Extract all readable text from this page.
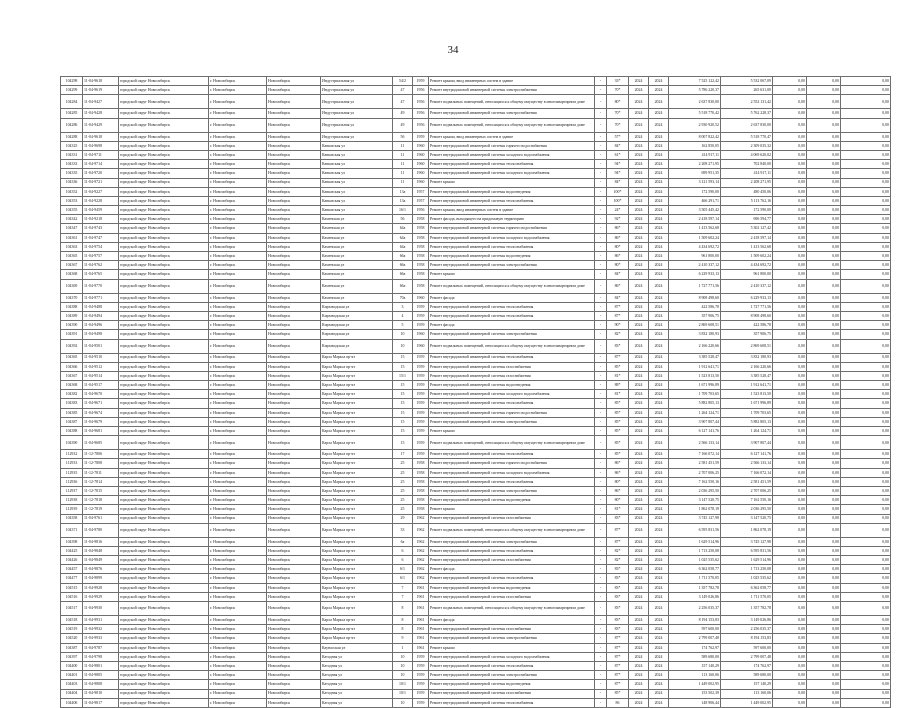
34
104298	11-04-9618	городской округ Новосибирск	г. Новосибирск	Новосибирск	Индустриальная ул	54/2	1959	Ремонт крыши, ввод инженерных систем в здание	-	33*	2024	2024	7 525 122,42	5 532 067,09	0,00	0,00	0,00
104299	11-04-9619	городской округ Новосибирск	г. Новосибирск	Новосибирск	Индустриальная ул	47	1956	Ремонт внутридомовой инженерной системы электроснабжения	-	70*	2024	2024	5 786 220,37	265 631,00	0,00	0,00	0,00
104284	11-04-9427	городской округ Новосибирск	г. Новосибирск	Новосибирск	Индустриальная ул	47	1956	Ремонт подвальных помещений, относящихся к общему имуществу в многоквартирном доме	-	80*	2024	2024	2 637 830,00	2 552 131,42	0,00	0,00	0,00
104285	11-04-9428	городской округ Новосибирск	г. Новосибирск	Новосибирск	Индустриальная ул	49	1956	Ремонт внутридомовой инженерной системы электроснабжения	-	70*	2024	2024	5 518 770,42	5 762 228,37	0,00	0,00	0,00
104286	11-04-9429	городской округ Новосибирск	г. Новосибирск	Новосибирск	Индустриальная ул	49	1956	Ремонт подвальных помещений, относящихся к общему имуществу в многоквартирном доме	-	70*	2024	2024	2 930 920,52	2 637 830,00	0,00	0,00	0,00
104288	11-04-9618	городской округ Новосибирск	г. Новосибирск	Новосибирск	Индустриальная ул	56	1959	Ремонт крыши, ввод инженерных систем в здание	-	57*	2024	2024	8 007 822,42	5 518 770,47	0,00	0,00	0,00
104325	11-04-9698	городской округ Новосибирск	г. Новосибирск	Новосибирск	Кавказская ул	11	1960	Ремонт внутридомовой инженерной системы горячего водоснабжения	-	84*	2024	2024	162 850,05	2 309 035,32	0,00	0,00	0,00
104331	11-04-9711	городской округ Новосибирск	г. Новосибирск	Новосибирск	Кавказская ул	11	1960	Ремонт внутридомовой инженерной системы холодного водоснабжения	-	61*	2024	2024	414 917,11	4 069 620,02	0,00	0,00	0,00
104333	11-04-9714	городской округ Новосибирск	г. Новосибирск	Новосибирск	Кавказская ул	11	1960	Ремонт внутридомовой инженерной системы теплоснабжения	-	94*	2024	2024	2 208 271,95	702 840,00	0,00	0,00	0,00
104335	11-04-9720	городской округ Новосибирск	г. Новосибирск	Новосибирск	Кавказская ул	11	1960	Ремонт внутридомовой инженерной системы холодного водоснабжения	-	94*	2024	2024	699 951,35	414 917,11	0,00	0,00	0,00
104336	11-04-9721	городской округ Новосибирск	г. Новосибирск	Новосибирск	Кавказская ул	11	1960	Ремонт крыши	-	84*	2024	2024	3 121 593,14	2 208 271,95	0,00	0,00	0,00
104352	11-04-9227	городской округ Новосибирск	г. Новосибирск	Новосибирск	Кавказская ул	13а	1957	Ремонт внутридомовой инженерной системы водоотведения	-	100*	2024	2024	172 590,00	480 450,06	0,00	0,00	0,00
104353	11-04-9228	городской округ Новосибирск	г. Новосибирск	Новосибирск	Кавказская ул	13а	1957	Ремонт внутридомовой инженерной системы теплоснабжения	-	100*	2024	2024	466 291,71	5 113 762,16	0,00	0,00	0,00
104355	11-04-9459	городской округ Новосибирск	г. Новосибирск	Новосибирск	Кавказская ул	16/1	1956	Ремонт крыши, ввод инженерных систем в здание	-	24*	2024	2024	3 505 445,42	172 590,00	0,00	0,00	0,00
104342	11-04-9218	городской округ Новосибирск	г. Новосибирск	Новосибирск	Каменская ул	56	1958	Ремонт фасада, выходящего на придомовую территорию	-	92*	2024	2024	2 418 597,14	696 594,77	0,00	0,00	0,00
104347	11-04-9743	городской округ Новосибирск	г. Новосибирск	Новосибирск	Каменская ул	64а	1958	Ремонт внутридомовой инженерной системы горячего водоснабжения	-	86*	2024	2024	1 413 562,68	5 302 127,42	0,00	0,00	0,00
104361	11-04-9747	городской округ Новосибирск	г. Новосибирск	Новосибирск	Каменская ул	64а	1958	Ремонт внутридомовой инженерной системы холодного водоснабжения	-	86*	2024	2024	1 509 602,24	2 418 597,14	0,00	0,00	0,00
104363	11-04-9754	городской округ Новосибирск	г. Новосибирск	Новосибирск	Каменская ул	64а	1958	Ремонт внутридомовой инженерной системы теплоснабжения	-	80*	2024	2024	4 434 692,72	1 413 562,68	0,00	0,00	0,00
104365	11-04-9757	городской округ Новосибирск	г. Новосибирск	Новосибирск	Каменская ул	66а	1958	Ремонт внутридомовой инженерной системы водоотведения	-	86*	2024	2024	961 800,00	1 509 602,24	0,00	0,00	0,00
104367	11-04-9762	городской округ Новосибирск	г. Новосибирск	Новосибирск	Каменская ул	66а	1958	Ремонт внутридомовой инженерной системы электроснабжения	-	80*	2024	2024	2 410 337,12	4 434 692,72	0,00	0,00	0,00
104368	11-04-9765	городской округ Новосибирск	г. Новосибирск	Новосибирск	Каменская ул	66а	1958	Ремонт крыши	-	84*	2024	2024	6 229 933,13	961 800,00	0,00	0,00	0,00
104369	11-04-9770	городской округ Новосибирск	г. Новосибирск	Новосибирск	Каменская ул	66а	1958	Ремонт подвальных помещений, относящихся к общему имуществу в многоквартирном доме	-	86*	2024	2024	1 727 771,56	2 410 337,12	0,00	0,00	0,00
104370	11-04-9771	городской округ Новосибирск	г. Новосибирск	Новосибирск	Каменская ул	70а	1960	Ремонт фасада	-	84*	2024	2024	8 908 498,60	6 229 933,13	0,00	0,00	0,00
104388	11-04-9488	городской округ Новосибирск	г. Новосибирск	Новосибирск	Кирзаводская ул	3	1959	Ремонт внутридомовой инженерной системы теплоснабжения	-	87*	2024	2024	422 586,78	1 727 771,56	0,00	0,00	0,00
104389	11-04-9494	городской округ Новосибирск	г. Новосибирск	Новосибирск	Кирзаводская ул	4	1959	Ремонт внутридомовой инженерной системы теплоснабжения	-	87*	2024	2024	357 906,75	8 908 498,60	0,00	0,00	0,00
104390	11-04-9496	городской округ Новосибирск	г. Новосибирск	Новосибирск	Кирзаводская ул	5	1959	Ремонт фасада	-	90*	2024	2024	2 869 608,51	422 586,78	0,00	0,00	0,00
104391	11-04-9498	городской округ Новосибирск	г. Новосибирск	Новосибирск	Кирзаводская ул	10	1960	Ремонт внутридомовой инженерной системы электроснабжения	-	82*	2024	2024	3 832 180,93	357 906,75	0,00	0,00	0,00
104392	11-04-9501	городской округ Новосибирск	г. Новосибирск	Новосибирск	Кирзаводская ул	10	1960	Ремонт подвальных помещений, относящихся к общему имуществу в многоквартирном доме	-	83*	2024	2024	2 166 220,66	2 869 608,51	0,00	0,00	0,00
104365	11-04-9510	городской округ Новосибирск	г. Новосибирск	Новосибирск	Карла Маркса пр-кт	15	1959	Ремонт внутридомовой инженерной системы теплоснабжения	-	87*	2024	2024	3 385 528,47	3 832 180,93	0,00	0,00	0,00
104366	11-04-9512	городской округ Новосибирск	г. Новосибирск	Новосибирск	Карла Маркса пр-кт	15	1959	Ремонт внутридомовой инженерной системы газоснабжения	-	85*	2024	2024	1 912 641,71	2 166 220,66	0,00	0,00	0,00
104367	11-04-9514	городской округ Новосибирск	г. Новосибирск	Новосибирск	Карла Маркса пр-кт	15/1	1959	Ремонт внутридомовой инженерной системы газоснабжения	-	81*	2024	2024	1 523 813,50	3 385 528,47	0,00	0,00	0,00
104368	11-04-9517	городской округ Новосибирск	г. Новосибирск	Новосибирск	Карла Маркса пр-кт	15	1959	Ремонт внутридомовой инженерной системы водоотведения	-	88*	2024	2024	1 671 996,89	1 912 641,71	0,00	0,00	0,00
104382	11-04-9670	городской округ Новосибирск	г. Новосибирск	Новосибирск	Карла Маркса пр-кт	15	1959	Ремонт внутридомовой инженерной системы холодного водоснабжения	-	81*	2024	2024	1 709 703,65	1 523 813,50	0,00	0,00	0,00
104383	11-04-9671	городской округ Новосибирск	г. Новосибирск	Новосибирск	Карла Маркса пр-кт	15	1959	Ремонт внутридомовой инженерной системы теплоснабжения	-	85*	2024	2024	5 882 805,13	1 671 996,89	0,00	0,00	0,00
104385	11-04-9674	городской округ Новосибирск	г. Новосибирск	Новосибирск	Карла Маркса пр-кт	15	1959	Ремонт внутридомовой инженерной системы горячего водоснабжения	-	85*	2024	2024	1 264 124,71	1 709 703,65	0,00	0,00	0,00
104387	11-04-9679	городской округ Новосибирск	г. Новосибирск	Новосибирск	Карла Маркса пр-кт	15	1959	Ремонт внутридомовой инженерной системы электроснабжения	-	85*	2024	2024	3 907 807,44	5 882 805,13	0,00	0,00	0,00
104388	11-04-9681	городской округ Новосибирск	г. Новосибирск	Новосибирск	Карла Маркса пр-кт	15	1959	Ремонт крыши	-	85*	2024	2024	6 127 141,76	1 264 124,71	0,00	0,00	0,00
104390	11-04-9685	городской округ Новосибирск	г. Новосибирск	Новосибирск	Карла Маркса пр-кт	15	1959	Ремонт подвальных помещений, относящихся к общему имуществу в многоквартирном доме	-	85*	2024	2024	2 566 133,14	3 907 807,44	0,00	0,00	0,00
112932	11-12-7806	городской округ Новосибирск	г. Новосибирск	Новосибирск	Карла Маркса пр-кт	17	1959	Ремонт внутридомовой инженерной системы теплоснабжения	-	85*	2024	2024	7 166 072,14	6 127 141,76	0,00	0,00	0,00
112933	11-12-7808	городской округ Новосибирск	г. Новосибирск	Новосибирск	Карла Маркса пр-кт	25	1958	Ремонт внутридомовой инженерной системы горячего водоснабжения	-	86*	2024	2024	2 581 451,59	2 566 133,14	0,00	0,00	0,00
112935	11-12-7811	городской округ Новосибирск	г. Новосибирск	Новосибирск	Карла Маркса пр-кт	25	1958	Ремонт внутридомовой инженерной системы холодного водоснабжения	-	86*	2024	2024	2 707 006,25	7 166 072,14	0,00	0,00	0,00
112936	11-12-7814	городской округ Новосибирск	г. Новосибирск	Новосибирск	Карла Маркса пр-кт	25	1958	Ремонт внутридомовой инженерной системы теплоснабжения	-	80*	2024	2024	7 162 550,16	2 581 451,59	0,00	0,00	0,00
112937	11-12-7815	городской округ Новосибирск	г. Новосибирск	Новосибирск	Карла Маркса пр-кт	25	1958	Ремонт внутридомовой инженерной системы электроснабжения	-	86*	2024	2024	2 036 295,50	2 707 006,25	0,00	0,00	0,00
112938	11-12-7818	городской округ Новосибирск	г. Новосибирск	Новосибирск	Карла Маркса пр-кт	25	1958	Ремонт внутридомовой инженерной системы водоотведения	-	80*	2024	2024	3 147 520,75	7 162 550,16	0,00	0,00	0,00
112939	11-12-7819	городской округ Новосибирск	г. Новосибирск	Новосибирск	Карла Маркса пр-кт	25	1958	Ремонт крыши	-	81*	2024	2024	1 862 078,19	2 036 295,50	0,00	0,00	0,00
104358	11-04-9761	городской округ Новосибирск	г. Новосибирск	Новосибирск	Карла Маркса пр-кт	29	1962	Ремонт внутридомовой инженерной системы газоснабжения	-	83*	2024	2024	3 745 127,98	3 147 520,75	0,00	0,00	0,00
104371	11-04-9780	городской округ Новосибирск	г. Новосибирск	Новосибирск	Карла Маркса пр-кт	33	1962	Ремонт подвальных помещений, относящихся к общему имуществу в многоквартирном доме	-	87*	2024	2024	6 595 831,56	1 862 078,19	0,00	0,00	0,00
104398	11-04-9816	городской округ Новосибирск	г. Новосибирск	Новосибирск	Карла Маркса пр-кт	6а	1962	Ремонт внутридомовой инженерной системы электроснабжения	-	87*	2024	2024	1 629 514,96	3 745 127,98	0,00	0,00	0,00
104425	11-04-9848	городской округ Новосибирск	г. Новосибирск	Новосибирск	Карла Маркса пр-кт	6	1962	Ремонт внутридомовой инженерной системы теплоснабжения	-	82*	2024	2024	1 713 250,08	6 595 831,56	0,00	0,00	0,00
104426	11-04-9849	городской округ Новосибирск	г. Новосибирск	Новосибирск	Карла Маркса пр-кт	6	1962	Ремонт внутридомовой инженерной системы газоснабжения	-	82*	2024	2024	1 025 535,62	1 629 514,96	0,00	0,00	0,00
104457	11-04-9876	городской округ Новосибирск	г. Новосибирск	Новосибирск	Карла Маркса пр-кт	6/1	1962	Ремонт фасада	-	83*	2024	2024	6 362 058,77	1 713 250,08	0,00	0,00	0,00
104477	11-04-9899	городской округ Новосибирск	г. Новосибирск	Новосибирск	Карла Маркса пр-кт	6/1	1962	Ремонт внутридомовой инженерной системы теплоснабжения	-	83*	2024	2024	1 711 570,05	1 025 535,62	0,00	0,00	0,00
104515	11-04-9928	городской округ Новосибирск	г. Новосибирск	Новосибирск	Карла Маркса пр-кт	7	1961	Ремонт внутридомовой инженерной системы водоотведения	-	83*	2024	2024	1 357 782,78	6 362 058,77	0,00	0,00	0,00
104516	11-04-9929	городской округ Новосибирск	г. Новосибирск	Новосибирск	Карла Маркса пр-кт	7	1961	Ремонт внутридомовой инженерной системы газоснабжения	-	83*	2024	2024	3 149 026,86	1 711 570,05	0,00	0,00	0,00
104517	11-04-9930	городской округ Новосибирск	г. Новосибирск	Новосибирск	Карла Маркса пр-кт	8	1961	Ремонт подвальных помещений, относящихся к общему имуществу в многоквартирном доме	-	83*	2024	2024	2 256 035,37	1 357 782,78	0,00	0,00	0,00
104518	11-04-9931	городской округ Новосибирск	г. Новосибирск	Новосибирск	Карла Маркса пр-кт	8	1961	Ремонт фасада	-	83*	2024	2024	8 194 153,83	3 149 026,86	0,00	0,00	0,00
104519	11-04-9932	городской округ Новосибирск	г. Новосибирск	Новосибирск	Карла Маркса пр-кт	8	1961	Ремонт внутридомовой инженерной системы газоснабжения	-	83*	2024	2024	597 600,00	2 256 035,37	0,00	0,00	0,00
104520	11-04-9933	городской округ Новосибирск	г. Новосибирск	Новосибирск	Карла Маркса пр-кт	9	1961	Ремонт внутридомовой инженерной системы электроснабжения	-	87*	2024	2024	2 799 007,48	8 194 153,83	0,00	0,00	0,00
104387	11-04-9787	городской округ Новосибирск	г. Новосибирск	Новосибирск	Каунасская ул	1	1961	Ремонт крыши	-	87*	2024	2024	174 762,97	597 600,00	0,00	0,00	0,00
104397	11-04-9798	городской округ Новосибирск	г. Новосибирск	Новосибирск	Катодная ул	10	1959	Ремонт внутридомовой инженерной системы холодного водоснабжения	-	87*	2024	2024	589 680,00	2 799 007,48	0,00	0,00	0,00
104400	11-04-9801	городской округ Новосибирск	г. Новосибирск	Новосибирск	Катодная ул	10	1959	Ремонт внутридомовой инженерной системы теплоснабжения	-	87*	2024	2024	157 140,29	174 762,97	0,00	0,00	0,00
104401	11-04-9805	городской округ Новосибирск	г. Новосибирск	Новосибирск	Катодная ул	10	1959	Ремонт внутридомовой инженерной системы электроснабжения	-	87*	2024	2024	113 160,06	589 680,00	0,00	0,00	0,00
104403	11-04-9808	городской округ Новосибирск	г. Новосибирск	Новосибирск	Катодная ул	10/1	1959	Ремонт внутридомовой инженерной системы водоотведения	-	87*	2024	2024	1 449 002,95	157 140,29	0,00	0,00	0,00
104404	11-04-9810	городской округ Новосибирск	г. Новосибирск	Новосибирск	Катодная ул	10/1	1959	Ремонт внутридомовой инженерной системы газоснабжения	-	85*	2024	2024	153 502,39	113 160,06	0,00	0,00	0,00
104406	11-04-9817	городской округ Новосибирск	г. Новосибирск	Новосибирск	Катодная ул	10	1959	Ремонт внутридомовой инженерной системы теплоснабжения	-	86	2024	2024	148 906,44	1 449 002,95	0,00	0,00	0,00
